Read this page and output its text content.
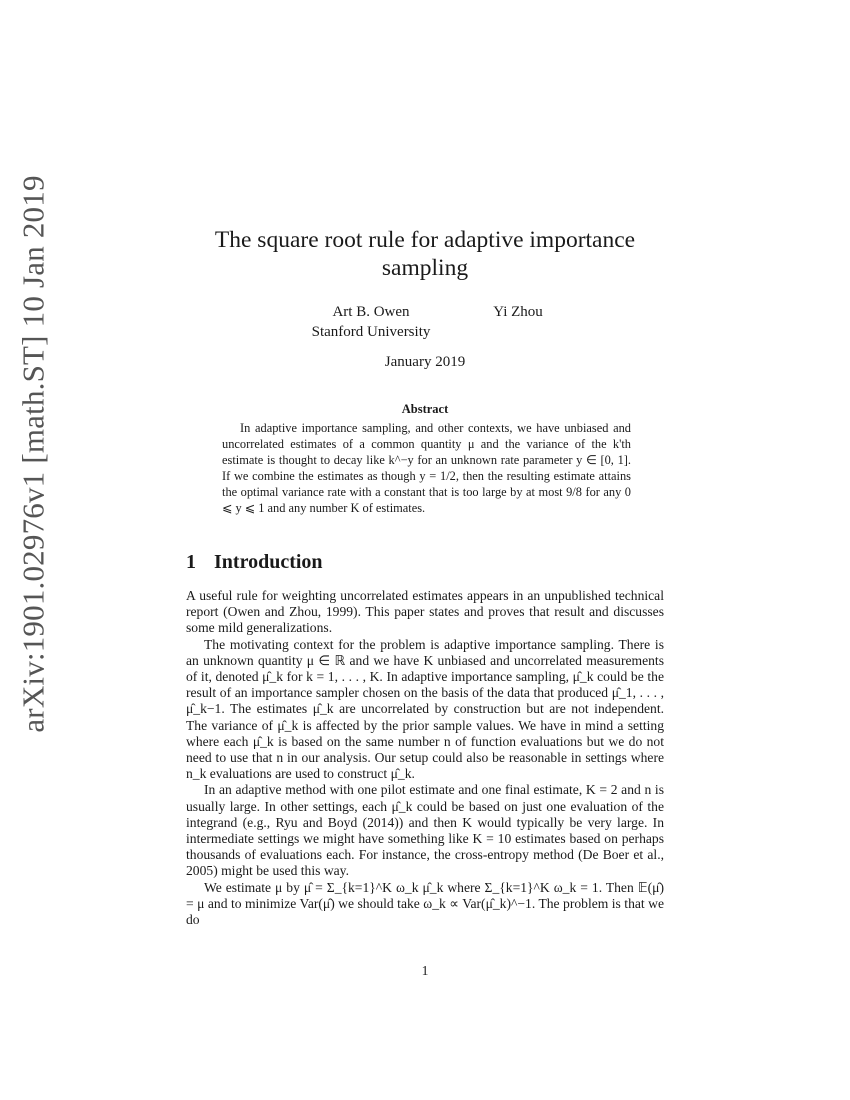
arXiv:1901.02976v1 [math.ST] 10 Jan 2019	The square root rule for adaptive importance sampling
Art B. Owen
Stanford University
Yi Zhou
January 2019
Abstract

In adaptive importance sampling, and other contexts, we have unbiased and uncorrelated estimates of a common quantity μ and the variance of the k'th estimate is thought to decay like k^−y for an unknown rate parameter y ∈ [0, 1]. If we combine the estimates as though y = 1/2, then the resulting estimate attains the optimal variance rate with a constant that is too large by at most 9/8 for any 0 ⩽ y ⩽ 1 and any number K of estimates.

1 Introduction

A useful rule for weighting uncorrelated estimates appears in an unpublished technical report (Owen and Zhou, 1999). This paper states and proves that result and discusses some mild generalizations.

The motivating context for the problem is adaptive importance sampling. There is an unknown quantity μ ∈ ℝ and we have K unbiased and uncorrelated measurements of it, denoted μ̂_k for k = 1, . . . , K. In adaptive importance sampling, μ̂_k could be the result of an importance sampler chosen on the basis of the data that produced μ̂_1, . . . , μ̂_k−1. The estimates μ̂_k are uncorrelated by construction but are not independent. The variance of μ̂_k is affected by the prior sample values. We have in mind a setting where each μ̂_k is based on the same number n of function evaluations but we do not need to use that n in our analysis. Our setup could also be reasonable in settings where n_k evaluations are used to construct μ̂_k.

In an adaptive method with one pilot estimate and one final estimate, K = 2 and n is usually large. In other settings, each μ̂_k could be based on just one evaluation of the integrand (e.g., Ryu and Boyd (2014)) and then K would typically be very large. In intermediate settings we might have something like K = 10 estimates based on perhaps thousands of evaluations each. For instance, the cross-entropy method (De Boer et al., 2005) might be used this way.

We estimate μ by μ̂ = Σ_{k=1}^K ω_k μ̂_k where Σ_{k=1}^K ω_k = 1. Then 𝔼(μ̂) = μ and to minimize Var(μ̂) we should take ω_k ∝ Var(μ̂_k)^−1. The problem is that we do

1
